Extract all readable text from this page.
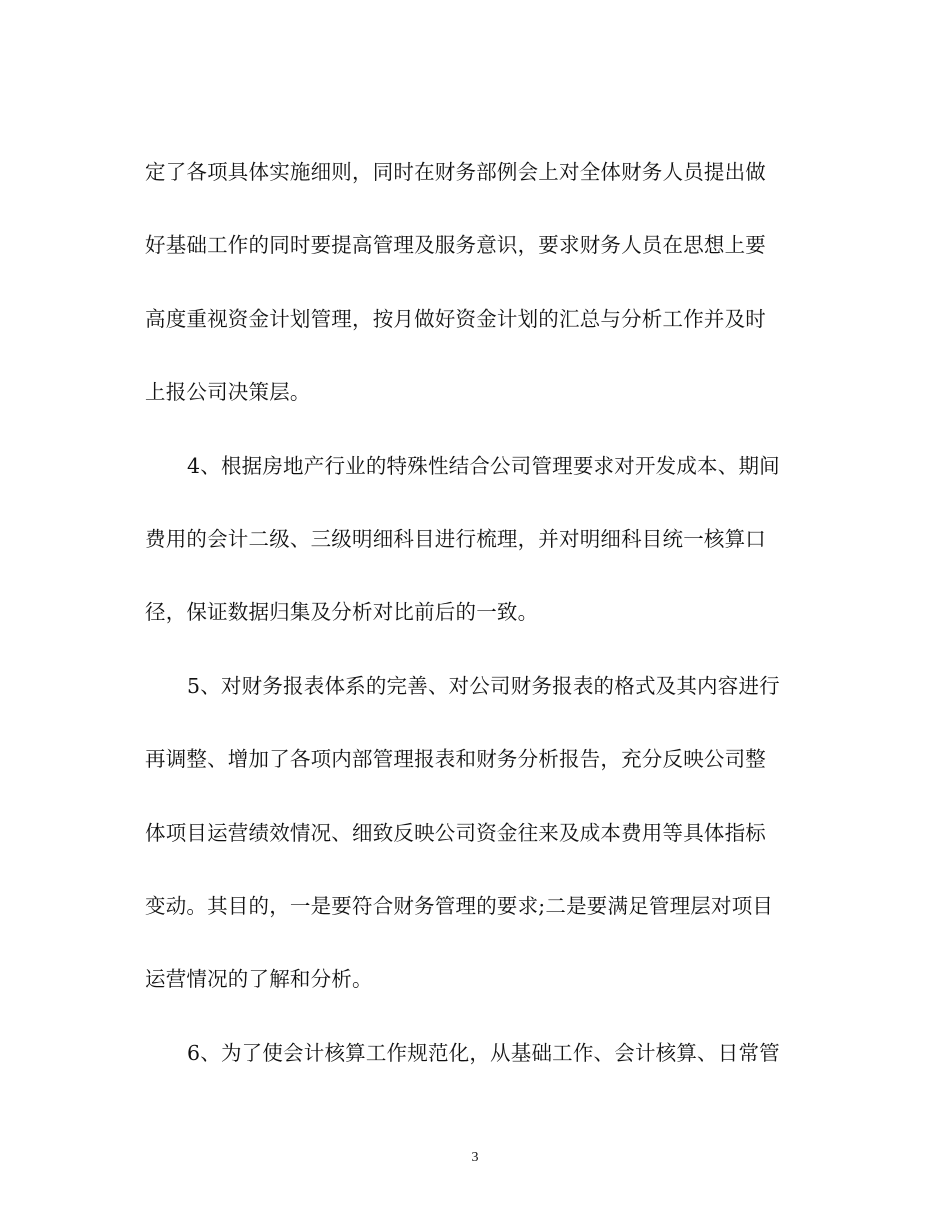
定了各项具体实施细则，同时在财务部例会上对全体财务人员提出做
好基础工作的同时要提高管理及服务意识，要求财务人员在思想上要
高度重视资金计划管理，按月做好资金计划的汇总与分析工作并及时
上报公司决策层。
4、根据房地产行业的特殊性结合公司管理要求对开发成本、期间
费用的会计二级、三级明细科目进行梳理，并对明细科目统一核算口
径，保证数据归集及分析对比前后的一致。
5、对财务报表体系的完善、对公司财务报表的格式及其内容进行
再调整、增加了各项内部管理报表和财务分析报告，充分反映公司整
体项目运营绩效情况、细致反映公司资金往来及成本费用等具体指标
变动。其目的，一是要符合财务管理的要求;二是要满足管理层对项目
运营情况的了解和分析。
6、为了使会计核算工作规范化，从基础工作、会计核算、日常管
3
